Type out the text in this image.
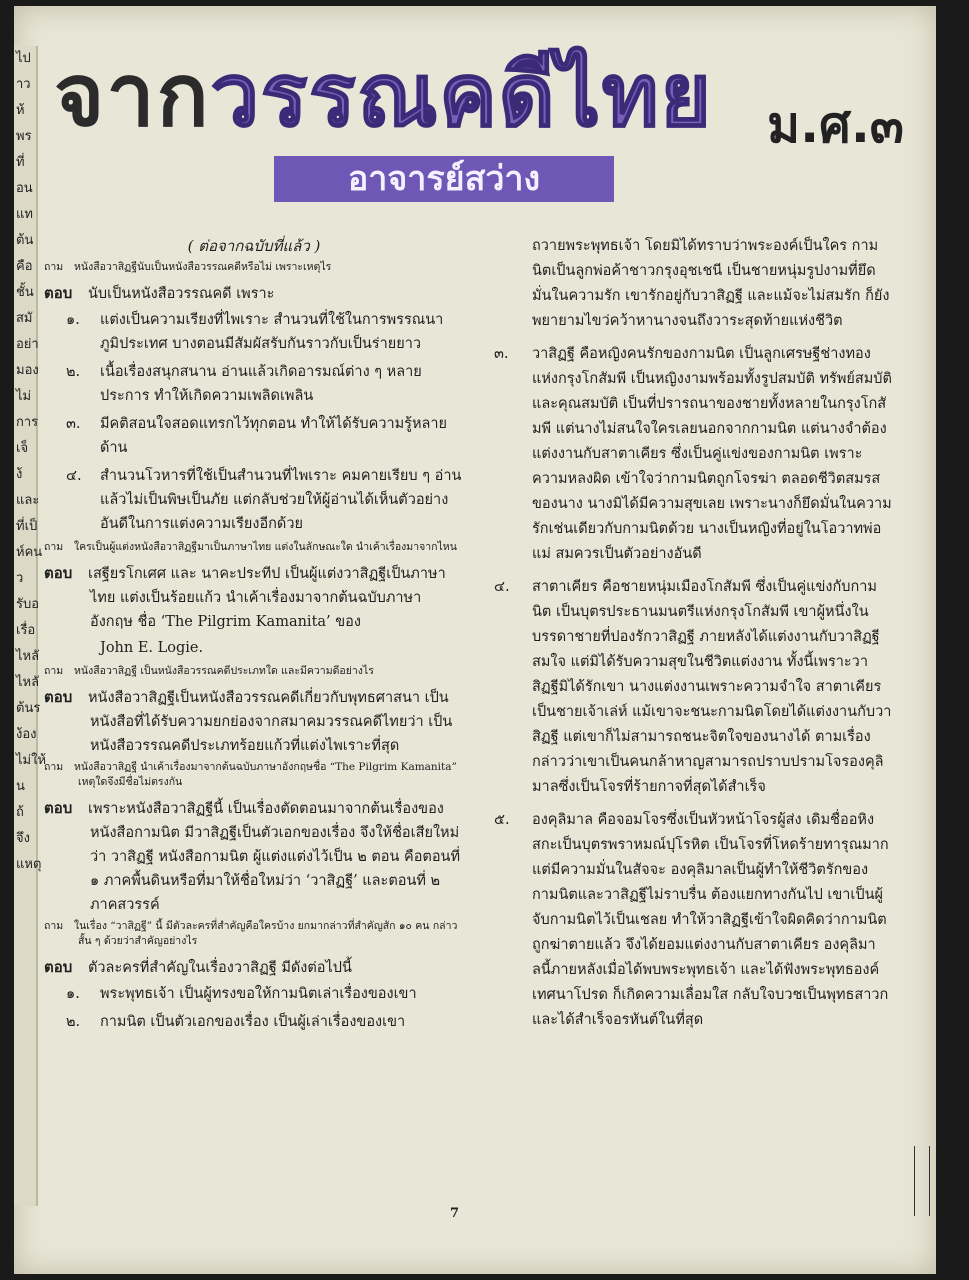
ไป
าว
ห้
พร
ที่
อน
แท
ต้น
คือ
ชั้น
สมั
อย่า
มอง
ไม่
การ
เจ็
ง้
และ
ที่เป็
ห์คน
ว
รับอ
เรื่อ
ไหลั
ไหลั
ต้นร
ง้อง
ไม่ให้
น
ถ้
จึง
แหตุ
จากวรรณคดีไทย ม.ศ.๓
อาจารย์สว่าง

( ต่อจากฉบับที่แล้ว )

ถาม หนังสือวาสิฏฐีนับเป็นหนังสือวรรณคดีหรือไม่ เพราะเหตุไร

ตอบ นับเป็นหนังสือวรรณคดี เพราะ

๑. แต่งเป็นความเรียงที่ไพเราะ สำนวนที่ใช้ในการพรรณนาภูมิประเทศ บางตอนมีสัมผัสรับกันราวกับเป็นร่ายยาว
๒. เนื้อเรื่องสนุกสนาน อ่านแล้วเกิดอารมณ์ต่าง ๆ หลายประการ ทำให้เกิดความเพลิดเพลิน
๓. มีคติสอนใจสอดแทรกไว้ทุกตอน ทำให้ได้รับความรู้หลายด้าน
๔. สำนวนโวหารที่ใช้เป็นสำนวนที่ไพเราะ คมคายเรียบ ๆ อ่านแล้วไม่เป็นพิษเป็นภัย แต่กลับช่วยให้ผู้อ่านได้เห็นตัวอย่างอันดีในการแต่งความเรียงอีกด้วย

ถาม ใครเป็นผู้แต่งหนังสือวาสิฏฐีมาเป็นภาษาไทย แต่งในลักษณะใด นำเค้าเรื่องมาจากไหน

ตอบ เสฐียรโกเศศ และ นาคะประทีป เป็นผู้แต่งวาสิฏฐีเป็นภาษาไทย แต่งเป็นร้อยแก้ว นำเค้าเรื่องมาจากต้นฉบับภาษาอังกฤษ ชื่อ ‘The Pilgrim Kamanita’ ของ

John E. Logie.

ถาม หนังสือวาสิฏฐี เป็นหนังสือวรรณคดีประเภทใด และมีความดีอย่างไร

ตอบ หนังสือวาสิฏฐีเป็นหนังสือวรรณคดีเกี่ยวกับพุทธศาสนา เป็นหนังสือที่ได้รับความยกย่องจากสมาคมวรรณคดีไทยว่า เป็นหนังสือวรรณคดีประเภทร้อยแก้วที่แต่งไพเราะที่สุด

ถาม หนังสือวาสิฏฐี นำเค้าเรื่องมาจากต้นฉบับภาษาอังกฤษชื่อ “The Pilgrim Kamanita” เหตุใดจึงมีชื่อไม่ตรงกัน

ตอบ เพราะหนังสือวาสิฏฐีนี้ เป็นเรื่องตัดตอนมาจากต้นเรื่องของหนังสือกามนิต มีวาสิฏฐีเป็นตัวเอกของเรื่อง จึงให้ชื่อเสียใหม่ว่า วาสิฏฐี หนังสือกามนิต ผู้แต่งแต่งไว้เป็น ๒ ตอน คือตอนที่ ๑ ภาคพื้นดินหรือที่มาให้ชื่อใหม่ว่า ‘วาสิฏฐี’ และตอนที่ ๒ ภาคสวรรค์

ถาม ในเรื่อง “วาสิฏฐี” นี้ มีตัวละครที่สำคัญคือใครบ้าง ยกมากล่าวที่สำคัญสัก ๑๐ คน กล่าวสั้น ๆ ด้วยว่าสำคัญอย่างไร

ตอบ ตัวละครที่สำคัญในเรื่องวาสิฏฐี มีดังต่อไปนี้

๑. พระพุทธเจ้า เป็นผู้ทรงขอให้กามนิตเล่าเรื่องของเขา
๒. กามนิต เป็นตัวเอกของเรื่อง เป็นผู้เล่าเรื่องของเขา

ถวายพระพุทธเจ้า โดยมิได้ทราบว่าพระองค์เป็นใคร กามนิตเป็นลูกพ่อค้าชาวกรุงอุชเชนี เป็นชายหนุ่มรูปงามที่ยึดมั่นในความรัก เขารักอยู่กับวาสิฏฐี และแม้จะไม่สมรัก ก็ยังพยายามไขว่คว้าหานางจนถึงวาระสุดท้ายแห่งชีวิต

๓. วาสิฏฐี คือหญิงคนรักของกามนิต เป็นลูกเศรษฐีช่างทองแห่งกรุงโกสัมพี เป็นหญิงงามพร้อมทั้งรูปสมบัติ ทรัพย์สมบัติ และคุณสมบัติ เป็นที่ปรารถนาของชายทั้งหลายในกรุงโกสัมพี แต่นางไม่สนใจใครเลยนอกจากกามนิต แต่นางจำต้องแต่งงานกับสาตาเคียร ซึ่งเป็นคู่แข่งของกามนิต เพราะความหลงผิด เข้าใจว่ากามนิตถูกโจรฆ่า ตลอดชีวิตสมรสของนาง นางมิได้มีความสุขเลย เพราะนางก็ยึดมั่นในความรักเช่นเดียวกับกามนิตด้วย นางเป็นหญิงที่อยู่ในโอวาทพ่อแม่ สมควรเป็นตัวอย่างอันดี
๔. สาตาเคียร คือชายหนุ่มเมืองโกสัมพี ซึ่งเป็นคู่แข่งกับกามนิต เป็นบุตรประธานมนตรีแห่งกรุงโกสัมพี เขาผู้หนึ่งในบรรดาชายที่ปองรักวาสิฏฐี ภายหลังได้แต่งงานกับวาสิฏฐีสมใจ แต่มิได้รับความสุขในชีวิตแต่งงาน ทั้งนี้เพราะวาสิฏฐีมิได้รักเขา นางแต่งงานเพราะความจำใจ สาตาเคียรเป็นชายเจ้าเล่ห์ แม้เขาจะชนะกามนิตโดยได้แต่งงานกับวาสิฏฐี แต่เขาก็ไม่สามารถชนะจิตใจของนางได้ ตามเรื่องกล่าวว่าเขาเป็นคนกล้าหาญสามารถปราบปรามโจรองคุลิมาลซึ่งเป็นโจรที่ร้ายกาจที่สุดได้สำเร็จ
๕. องคุลิมาล คือจอมโจรซึ่งเป็นหัวหน้าโจรผู้ส่ง เดิมชื่ออหิงสกะเป็นบุตรพราหมณ์ปุโรหิต เป็นโจรที่โหดร้ายทารุณมาก แต่มีความมั่นในสัจจะ องคุลิมาลเป็นผู้ทำให้ชีวิตรักของกามนิตและวาสิฏฐีไม่ราบรื่น ต้องแยกทางกันไป เขาเป็นผู้จับกามนิตไว้เป็นเชลย ทำให้วาสิฏฐีเข้าใจผิดคิดว่ากามนิตถูกฆ่าตายแล้ว จึงได้ยอมแต่งงานกับสาตาเคียร องคุลิมาลนี้ภายหลังเมื่อได้พบพระพุทธเจ้า และได้ฟังพระพุทธองค์เทศนาโปรด ก็เกิดความเลื่อมใส กลับใจบวชเป็นพุทธสาวกและได้สำเร็จอรหันต์ในที่สุด
7
